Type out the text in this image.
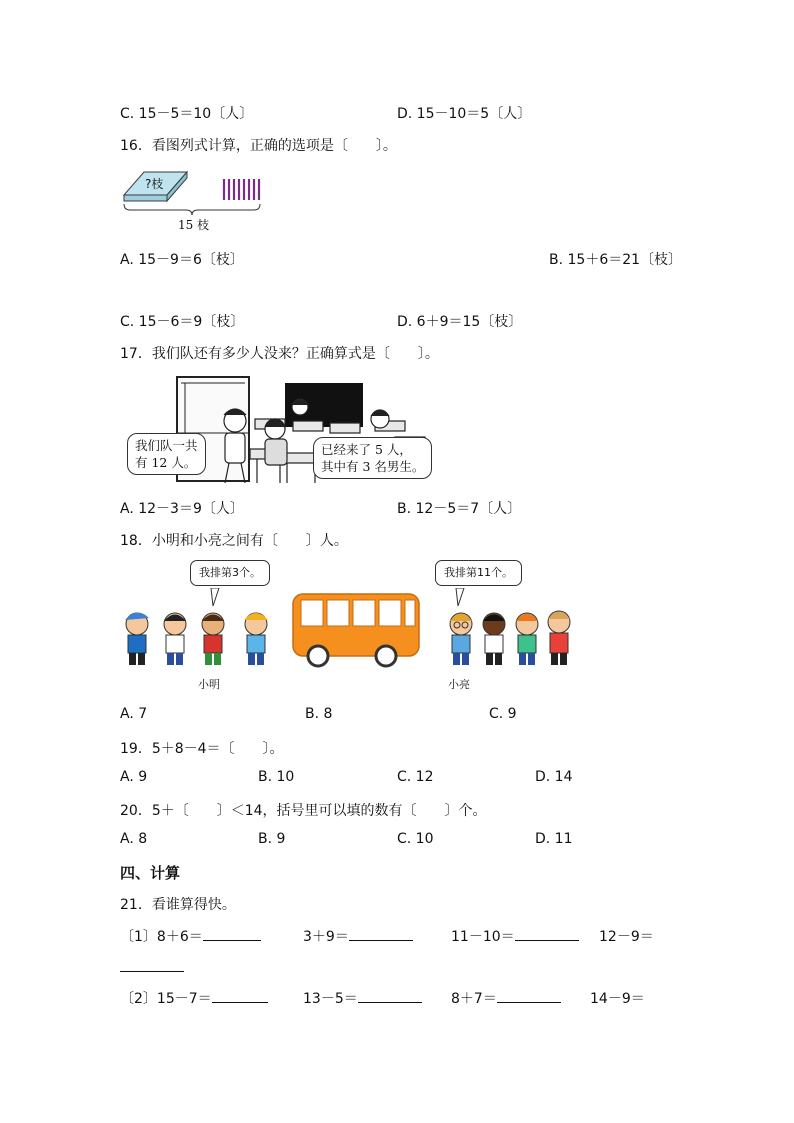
C. 15－5＝10〔人〕	D. 15－10＝5〔人〕
16．看图列式计算，正确的选项是〔　　〕。
?枝
15 枝
A. 15－9＝6〔枝〕	B. 15＋6＝21〔枝〕
C. 15－6＝9〔枝〕	D. 6＋9＝15〔枝〕
17．我们队还有多少人没来？正确算式是〔　　〕。
我们队一共
有 12 人。
已经来了 5 人，
其中有 3 名男生。
A. 12－3＝9〔人〕	B. 12－5＝7〔人〕
18．小明和小亮之间有〔　　〕人。
我排第3个。	我排第11个。
小明	小亮
A. 7	B. 8	C. 9
19．5＋8－4＝〔　　〕。
A. 9	B. 10	C. 12	D. 14
20．5＋〔　　〕＜14，括号里可以填的数有〔　　〕个。
A. 8	B. 9	C. 10	D. 11
四、计算
21．看谁算得快。
〔1〕8＋6＝	3＋9＝	11－10＝	12－9＝
〔2〕15－7＝	13－5＝	8＋7＝	14－9＝
